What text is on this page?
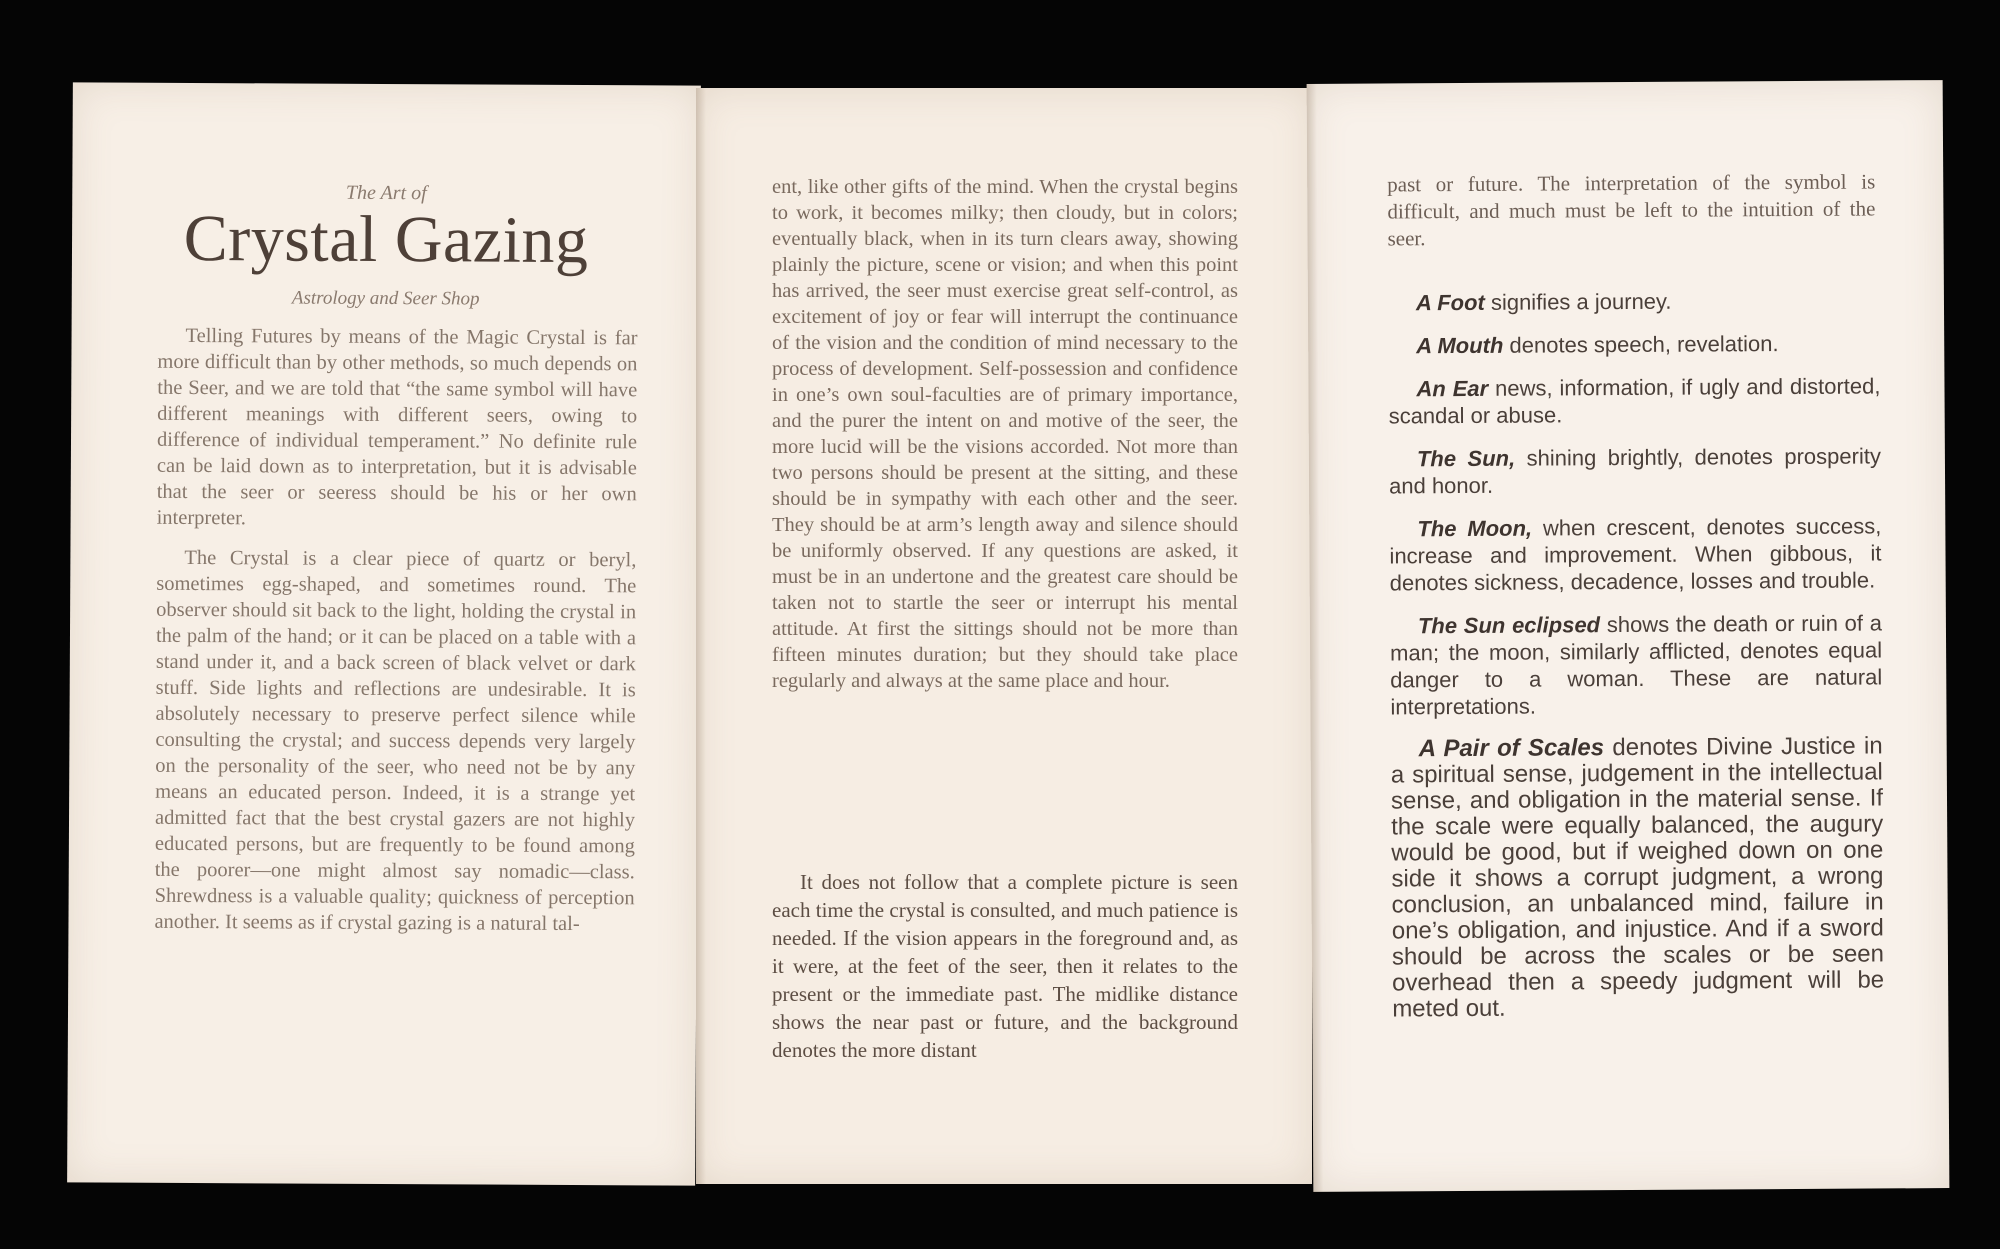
The Art of
Crystal Gazing
Astrology and Seer Shop

Telling Futures by means of the Magic Crystal is far more difficult than by other methods, so much depends on the Seer, and we are told that “the same symbol will have different meanings with different seers, owing to difference of individual temperament.” No definite rule can be laid down as to interpretation, but it is advisable that the seer or seeress should be his or her own interpreter.

The Crystal is a clear piece of quartz or beryl, sometimes egg-shaped, and sometimes round. The observer should sit back to the light, holding the crystal in the palm of the hand; or it can be placed on a table with a stand under it, and a back screen of black velvet or dark stuff. Side lights and reflections are undesirable. It is absolutely necessary to preserve perfect silence while consulting the crystal; and success depends very largely on the personality of the seer, who need not be by any means an educated person. Indeed, it is a strange yet admitted fact that the best crystal gazers are not highly educated persons, but are frequently to be found among the poorer—one might almost say nomadic—class. Shrewdness is a valuable quality; quickness of perception another. It seems as if crystal gazing is a natural tal-

ent, like other gifts of the mind. When the crystal begins to work, it becomes milky; then cloudy, but in colors; eventually black, when in its turn clears away, showing plainly the picture, scene or vision; and when this point has arrived, the seer must exercise great self-control, as excitement of joy or fear will interrupt the continuance of the vision and the condition of mind necessary to the process of development. Self-possession and confidence in one’s own soul-faculties are of primary importance, and the purer the intent on and motive of the seer, the more lucid will be the visions accorded. Not more than two persons should be present at the sitting, and these should be in sympathy with each other and the seer. They should be at arm’s length away and silence should be uniformly observed. If any questions are asked, it must be in an undertone and the greatest care should be taken not to startle the seer or interrupt his mental attitude. At first the sittings should not be more than fifteen minutes duration; but they should take place regularly and always at the same place and hour.

It does not follow that a complete picture is seen each time the crystal is consulted, and much patience is needed. If the vision appears in the foreground and, as it were, at the feet of the seer, then it relates to the present or the immediate past. The midlike distance shows the near past or future, and the background denotes the more distant

past or future. The interpretation of the symbol is difficult, and much must be left to the intuition of the seer.

A Foot signifies a journey.
A Mouth denotes speech, revelation.
An Ear news, information, if ugly and distorted, scandal or abuse.
The Sun, shining brightly, denotes prosperity and honor.
The Moon, when crescent, denotes success, increase and improvement. When gibbous, it denotes sickness, decadence, losses and trouble.
The Sun eclipsed shows the death or ruin of a man; the moon, similarly afflicted, denotes equal danger to a woman. These are natural interpretations.
A Pair of Scales denotes Divine Justice in a spiritual sense, judgement in the intellectual sense, and obligation in the material sense. If the scale were equally balanced, the augury would be good, but if weighed down on one side it shows a corrupt judgment, a wrong conclusion, an unbalanced mind, failure in one’s obligation, and injustice. And if a sword should be across the scales or be seen overhead then a speedy judgment will be meted out.
